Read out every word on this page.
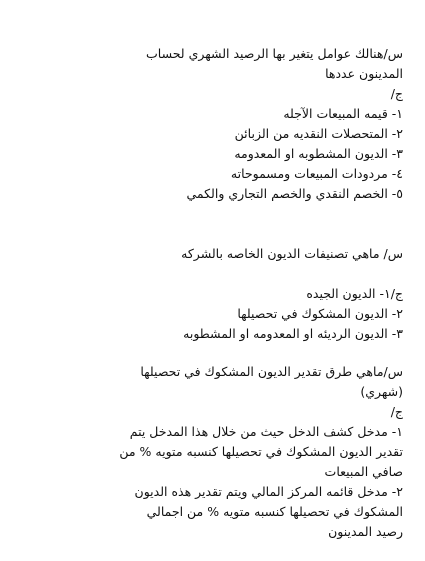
س/هنالك عوامل يتغير بها الرصيد الشهري لحساب
المدينون عددها
ج/
١- قيمه المبيعات الآجله
٢- المتحصلات النقديه من الزبائن
٣- الديون المشطوبه او المعدومه
٤- مردودات المبيعات ومسموحاته
٥- الخصم النقدي والخصم التجاري والكمي
س/ ماهي تصنيفات الديون الخاصه بالشركه
ج/١- الديون الجيده
٢- الديون المشكوك في تحصيلها
٣- الديون الرديئه او المعدومه او المشطوبه
س/ماهي طرق تقدير الديون المشكوك في تحصيلها
(شهري)
ج/
١- مدخل كشف الدخل حيث من خلال هذا المدخل يتم
تقدير الديون المشكوك في تحصيلها كنسبه متويه % من
صافي المبيعات
٢- مدخل قائمه المركز المالي ويتم تقدير هذه الديون
المشكوك في تحصيلها كنسبه متويه % من اجمالي
رصيد المدينون
